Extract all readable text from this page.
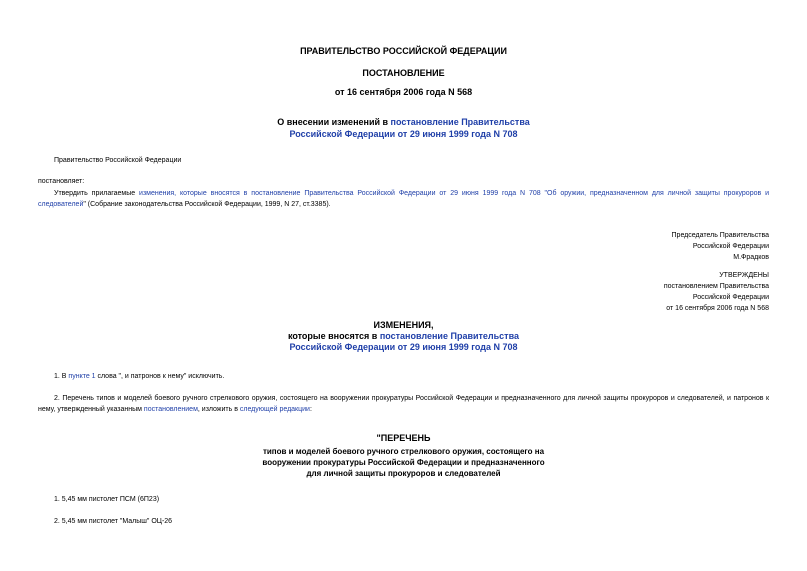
ПРАВИТЕЛЬСТВО РОССИЙСКОЙ ФЕДЕРАЦИИ
ПОСТАНОВЛЕНИЕ
от 16 сентября 2006 года N 568
О внесении изменений в постановление Правительства
Российской Федерации от 29 июня 1999 года N 708
Правительство Российской Федерации
постановляет:
Утвердить прилагаемые изменения, которые вносятся в постановление Правительства Российской Федерации от 29 июня 1999 года N 708 "Об оружии, предназначенном для личной защиты прокуроров и следователей" (Собрание законодательства Российской Федерации, 1999, N 27, ст.3385).
Председатель Правительства
Российской Федерации
М.Фрадков
УТВЕРЖДЕНЫ
постановлением Правительства
Российской Федерации
от 16 сентября 2006 года N 568
ИЗМЕНЕНИЯ,
которые вносятся в постановление Правительства
Российской Федерации от 29 июня 1999 года N 708
1. В пункте 1 слова ", и патронов к нему" исключить.
2. Перечень типов и моделей боевого ручного стрелкового оружия, состоящего на вооружении прокуратуры Российской Федерации и предназначенного для личной защиты прокуроров и следователей, и патронов к нему, утвержденный указанным постановлением, изложить в следующей редакции:
"ПЕРЕЧЕНЬ
типов и моделей боевого ручного стрелкового оружия, состоящего на
вооружении прокуратуры Российской Федерации и предназначенного
для личной защиты прокуроров и следователей
1. 5,45 мм пистолет ПСМ (6П23)
2. 5,45 мм пистолет "Малыш" ОЦ-26
